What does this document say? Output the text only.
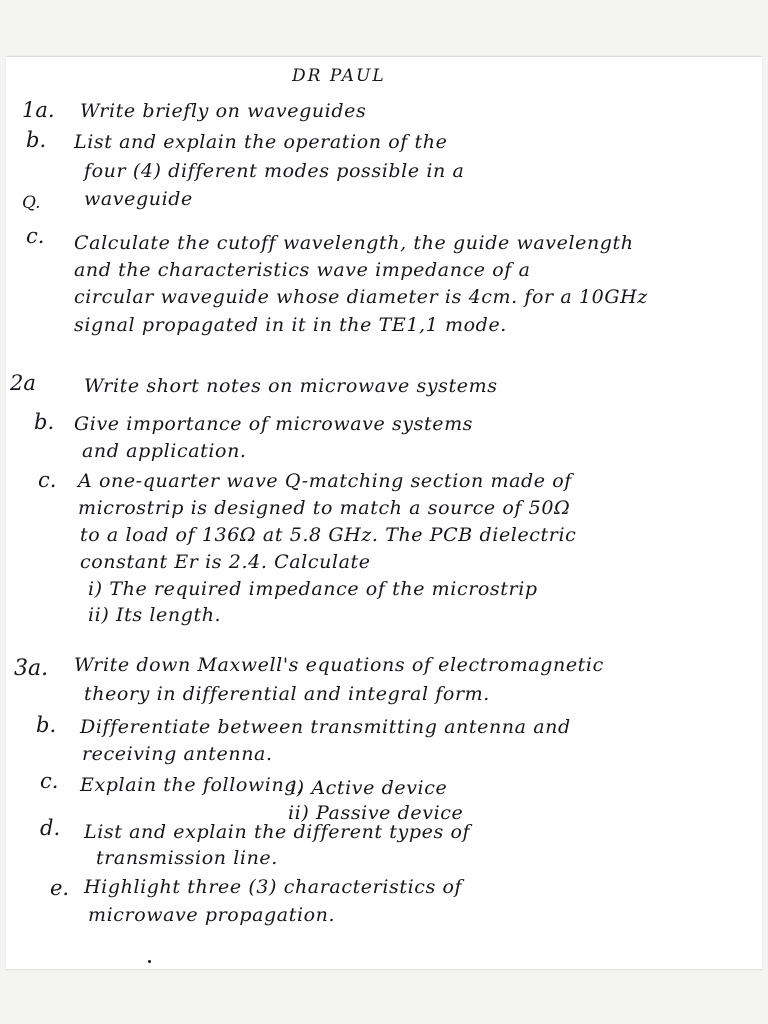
DR PAUL
1a. Write briefly on waveguides
b. List and explain the operation of the
four (4) different modes possible in a
Q. waveguide
c. Calculate the cutoff wavelength, the guide wavelength
and the characteristics wave impedance of a
circular waveguide whose diameter is 4cm. for a 10GHz
signal propagated in it in the TE1,1 mode.
2a	Write short notes on microwave systems
b. Give importance of microwave systems
and application.
c. A one-quarter wave Q-matching section made of
microstrip is designed to match a source of 50Ω
to a load of 136Ω at 5.8 GHz. The PCB dielectric
constant Er is 2.4. Calculate
i) The required impedance of the microstrip
ii) Its length.
3a. Write down Maxwell's equations of electromagnetic
theory in differential and integral form.
b. Differentiate between transmitting antenna and
receiving antenna.
c. Explain the following,
i) Active device
ii) Passive device
d. List and explain the different types of
transmission line.
e. Highlight three (3) characteristics of
microwave propagation.
